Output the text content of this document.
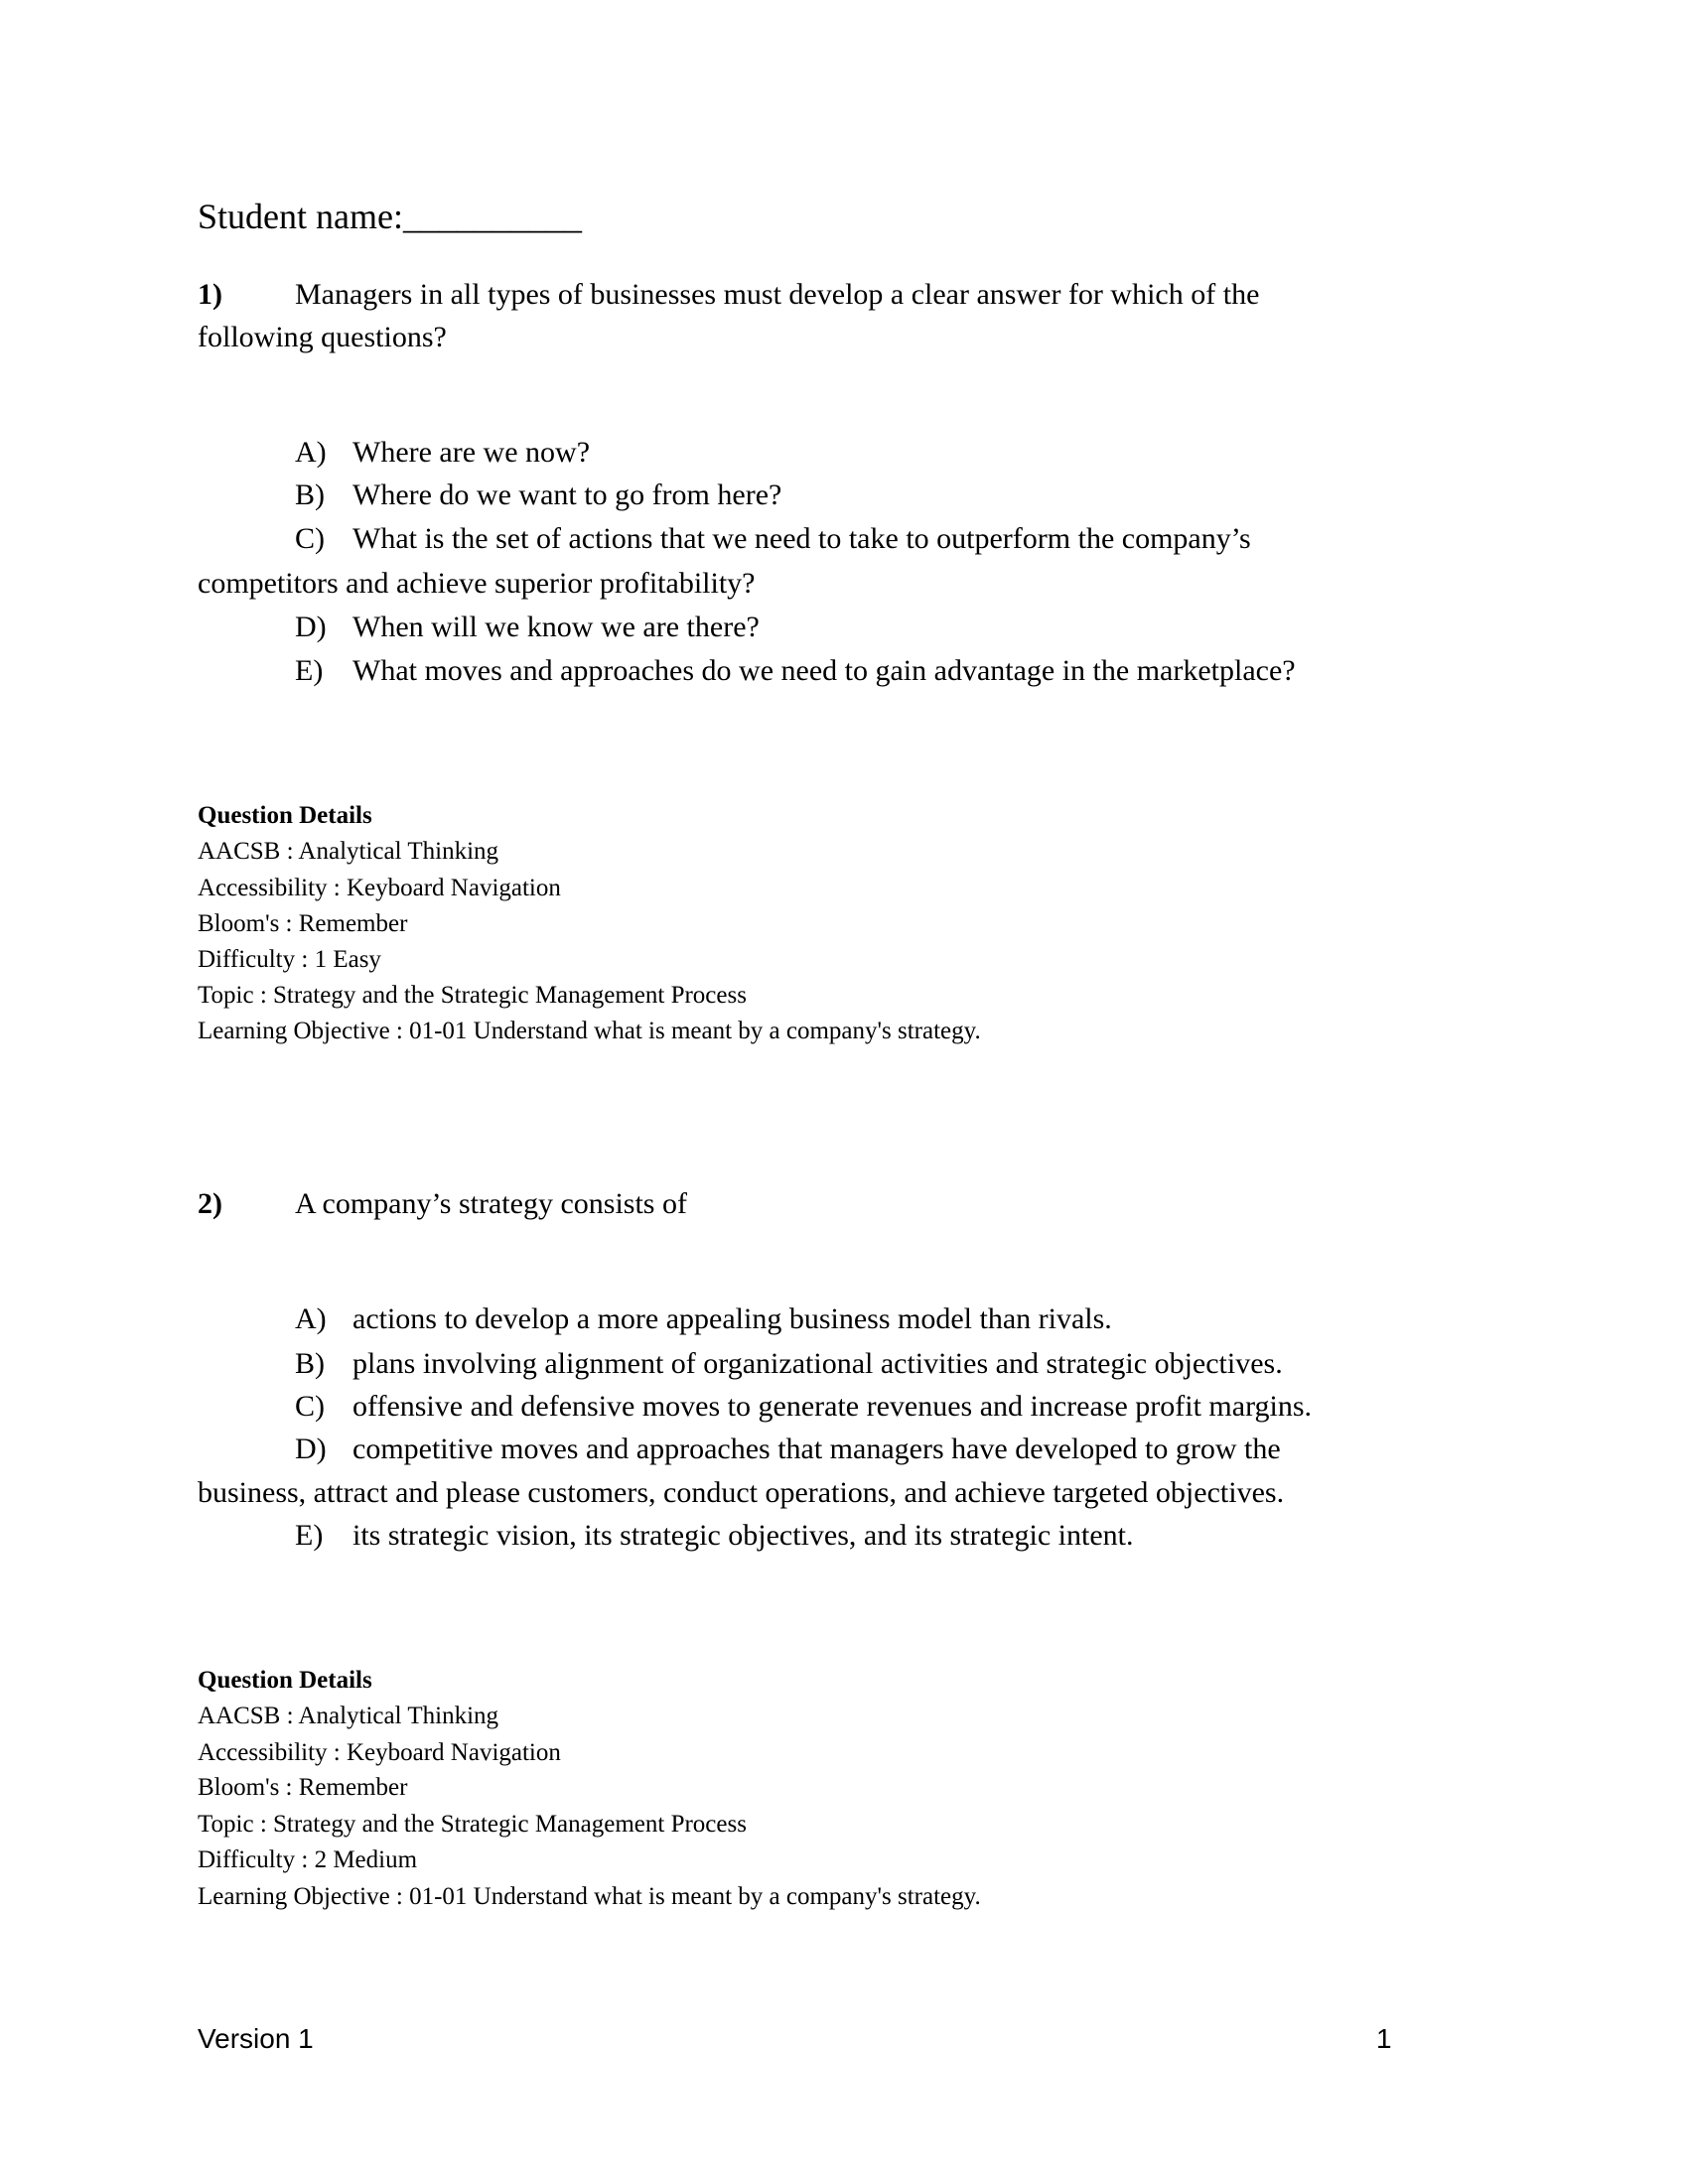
Student name:__________
1) Managers in all types of businesses must develop a clear answer for which of the
following questions?
A) Where are we now?
B) Where do we want to go from here?
C) What is the set of actions that we need to take to outperform the company’s
competitors and achieve superior profitability?
D) When will we know we are there?
E) What moves and approaches do we need to gain advantage in the marketplace?
Question Details
AACSB : Analytical Thinking
Accessibility : Keyboard Navigation
Bloom's : Remember
Difficulty : 1 Easy
Topic : Strategy and the Strategic Management Process
Learning Objective : 01-01 Understand what is meant by a company's strategy.
2) A company’s strategy consists of
A) actions to develop a more appealing business model than rivals.
B) plans involving alignment of organizational activities and strategic objectives.
C) offensive and defensive moves to generate revenues and increase profit margins.
D) competitive moves and approaches that managers have developed to grow the
business, attract and please customers, conduct operations, and achieve targeted objectives.
E) its strategic vision, its strategic objectives, and its strategic intent.
Question Details
AACSB : Analytical Thinking
Accessibility : Keyboard Navigation
Bloom's : Remember
Topic : Strategy and the Strategic Management Process
Difficulty : 2 Medium
Learning Objective : 01-01 Understand what is meant by a company's strategy.
Version 1	1
